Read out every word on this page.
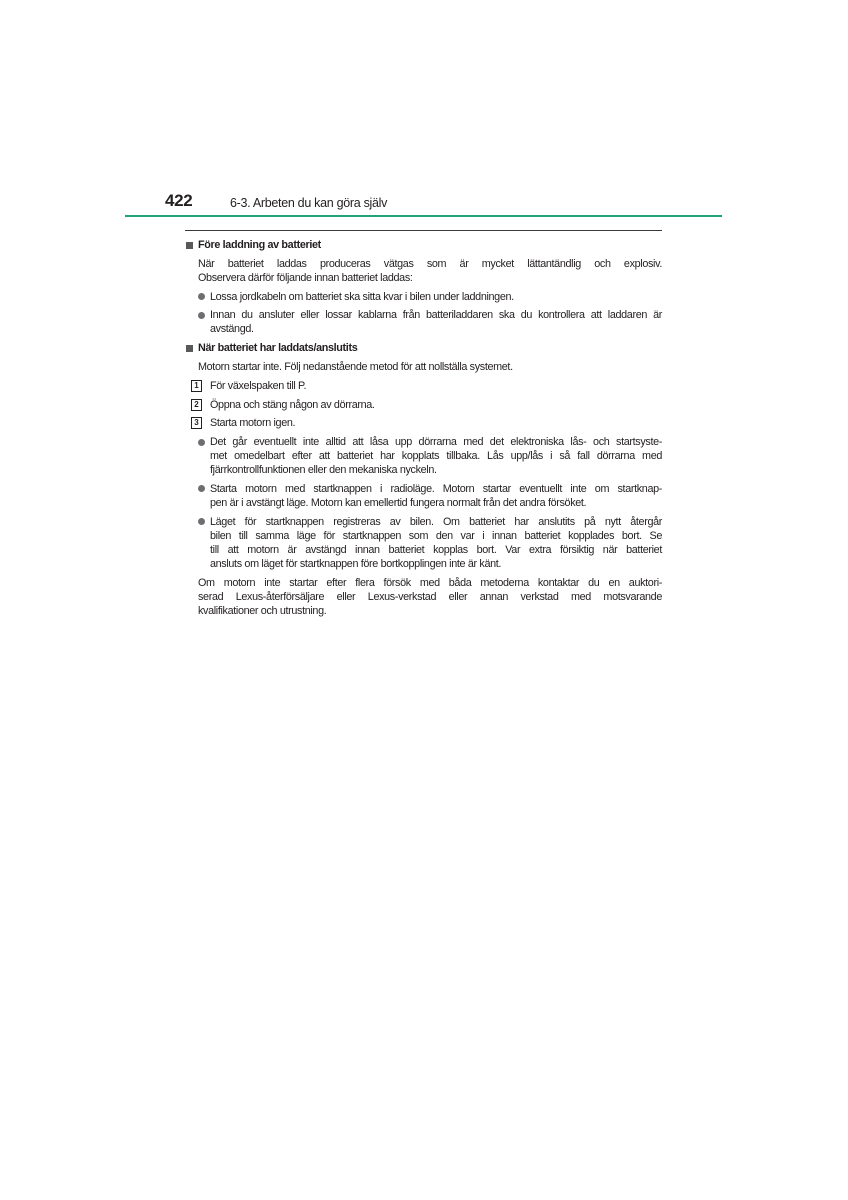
422	6-3. Arbeten du kan göra själv
Före laddning av batteriet
När batteriet laddas produceras vätgas som är mycket lättantändlig och explosiv.
Observera därför följande innan batteriet laddas:
Lossa jordkabeln om batteriet ska sitta kvar i bilen under laddningen.
Innan du ansluter eller lossar kablarna från batteriladdaren ska du kontrollera att laddaren är
avstängd.
När batteriet har laddats/anslutits
Motorn startar inte. Följ nedanstående metod för att nollställa systemet.
1	För växelspaken till P.
2	Öppna och stäng någon av dörrarna.
3	Starta motorn igen.
Det går eventuellt inte alltid att låsa upp dörrarna med det elektroniska lås- och startsyste-
met omedelbart efter att batteriet har kopplats tillbaka. Lås upp/lås i så fall dörrarna med
fjärrkontrollfunktionen eller den mekaniska nyckeln.
Starta motorn med startknappen i radioläge. Motorn startar eventuellt inte om startknap-
pen är i avstängt läge. Motorn kan emellertid fungera normalt från det andra försöket.
Läget för startknappen registreras av bilen. Om batteriet har anslutits på nytt återgår
bilen till samma läge för startknappen som den var i innan batteriet kopplades bort. Se
till att motorn är avstängd innan batteriet kopplas bort. Var extra försiktig när batteriet
ansluts om läget för startknappen före bortkopplingen inte är känt.
Om motorn inte startar efter flera försök med båda metoderna kontaktar du en auktori-
serad Lexus-återförsäljare eller Lexus-verkstad eller annan verkstad med motsvarande
kvalifikationer och utrustning.
